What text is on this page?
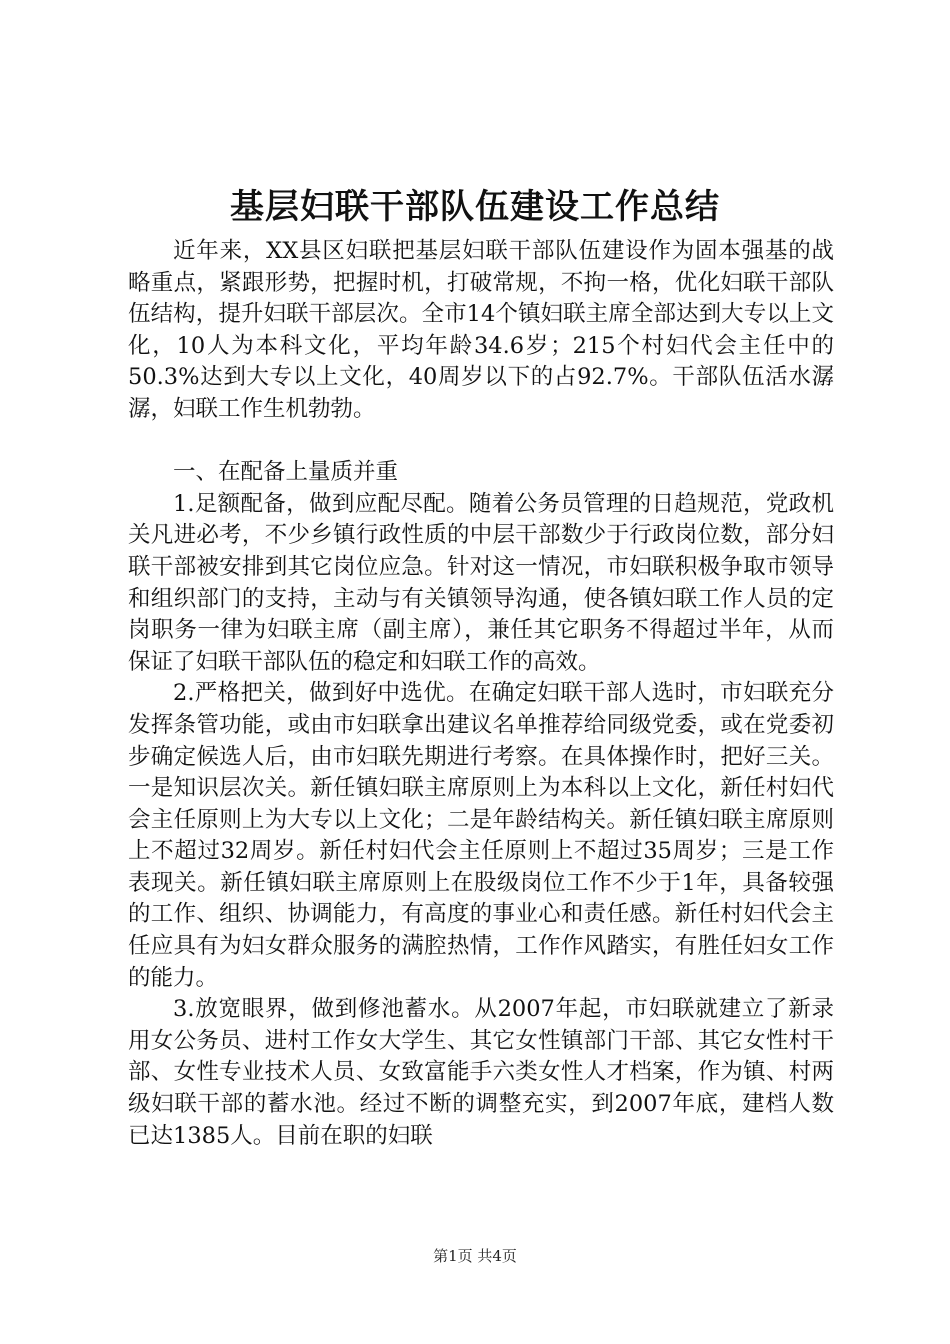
基层妇联干部队伍建设工作总结

近年来，XX县区妇联把基层妇联干部队伍建设作为固本强基的战略重点，紧跟形势，把握时机，打破常规，不拘一格，优化妇联干部队伍结构，提升妇联干部层次。全市14个镇妇联主席全部达到大专以上文化，10人为本科文化，平均年龄34.6岁；215个村妇代会主任中的50.3%达到大专以上文化，40周岁以下的占92.7%。干部队伍活水潺潺，妇联工作生机勃勃。

一、在配备上量质并重

1.足额配备，做到应配尽配。随着公务员管理的日趋规范，党政机关凡进必考，不少乡镇行政性质的中层干部数少于行政岗位数，部分妇联干部被安排到其它岗位应急。针对这一情况，市妇联积极争取市领导和组织部门的支持，主动与有关镇领导沟通，使各镇妇联工作人员的定岗职务一律为妇联主席（副主席），兼任其它职务不得超过半年，从而保证了妇联干部队伍的稳定和妇联工作的高效。

2.严格把关，做到好中选优。在确定妇联干部人选时，市妇联充分发挥条管功能，或由市妇联拿出建议名单推荐给同级党委，或在党委初步确定候选人后，由市妇联先期进行考察。在具体操作时，把好三关。一是知识层次关。新任镇妇联主席原则上为本科以上文化，新任村妇代会主任原则上为大专以上文化；二是年龄结构关。新任镇妇联主席原则上不超过32周岁。新任村妇代会主任原则上不超过35周岁；三是工作表现关。新任镇妇联主席原则上在股级岗位工作不少于1年，具备较强的工作、组织、协调能力，有高度的事业心和责任感。新任村妇代会主任应具有为妇女群众服务的满腔热情，工作作风踏实，有胜任妇女工作的能力。

3.放宽眼界，做到修池蓄水。从2007年起，市妇联就建立了新录用女公务员、进村工作女大学生、其它女性镇部门干部、其它女性村干部、女性专业技术人员、女致富能手六类女性人才档案，作为镇、村两级妇联干部的蓄水池。经过不断的调整充实，到2007年底，建档人数已达1385人。目前在职的妇联

第1页 共4页
